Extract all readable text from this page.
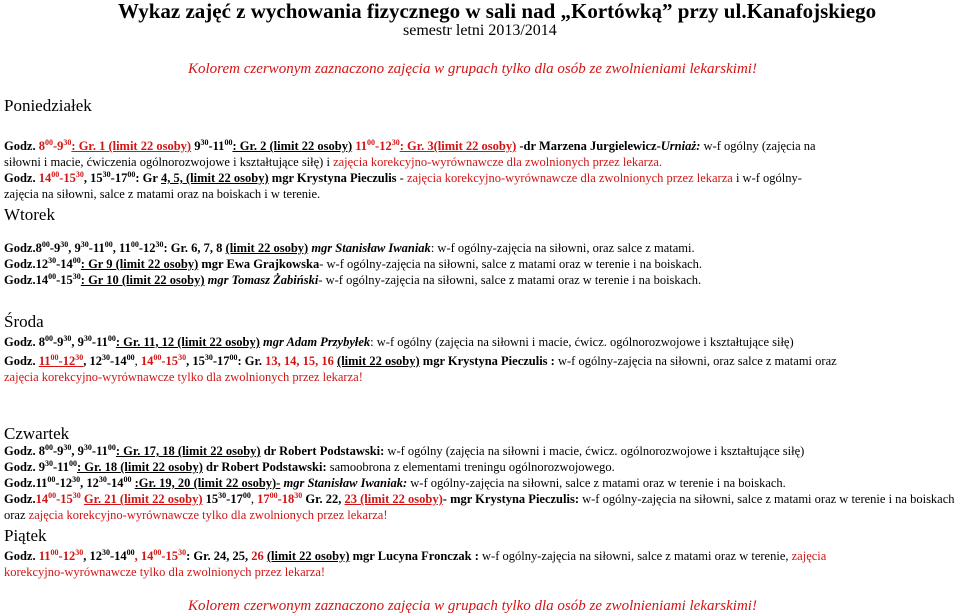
Wykaz zajęć z wychowania fizycznego w sali nad „Kortówką” przy ul.Kanafojskiego
semestr letni 2013/2014
Kolorem czerwonym zaznaczono zajęcia w grupach tylko dla osób ze zwolnieniami lekarskimi!
Poniedziałek
Godz. $8^{00}-9^{30}$: Gr. 1 (limit 22 osoby) $9^{30}-11^{00}$: Gr. 2 (limit 22 osoby) $11^{00}-12^{30}$: Gr. 3(limit 22 osoby) -dr Marzena Jurgielewicz-Urniaż: w-f ogólny (zajęcia na
siłowni i macie, ćwiczenia ogólnorozwojowe i kształtujące siłę) i zajęcia korekcyjno-wyrównawcze dla zwolnionych przez lekarza.
Godz. $14^{00}-15^{30}$, $15^{30}-17^{00}$: Gr 4, 5, (limit 22 osoby) mgr Krystyna Pieczulis - zajęcia korekcyjno-wyrównawcze dla zwolnionych przez lekarza i w-f ogólny-
zajęcia na siłowni, salce z matami oraz na boiskach i w terenie.
Wtorek
$Godz.8^{00}-9^{30}$, $9^{30}-11^{00}$, $11^{00}-12^{30}$: Gr. 6, 7, 8 (limit 22 osoby) mgr Stanisław Iwaniak: w-f ogólny-zajęcia na siłowni, oraz salce z matami.
$Godz.12^{30}-14^{00}$: Gr 9 (limit 22 osoby) mgr Ewa Grajkowska- w-f ogólny-zajęcia na siłowni, salce z matami oraz w terenie i na boiskach.
$Godz.14^{00}-15^{30}$: Gr 10 (limit 22 osoby) mgr Tomasz Żabiński- w-f ogólny-zajęcia na siłowni, salce z matami oraz w terenie i na boiskach.
Środa
Godz. $8^{00}-9^{30}$, $9^{30}-11^{00}$: Gr. 11, 12 (limit 22 osoby) mgr Adam Przybyłek: w-f ogólny (zajęcia na siłowni i macie, ćwicz. ogólnorozwojowe i kształtujące siłę)
Godz. $11^{00}-12^{30}$, $12^{30}-14^{00}$, $14^{00}-15^{30}$, $15^{30}-17^{00}$: Gr. 13, 14, 15, 16 (limit 22 osoby) mgr Krystyna Pieczulis : w-f ogólny-zajęcia na siłowni, oraz salce z matami oraz
zajęcia korekcyjno-wyrównawcze tylko dla zwolnionych przez lekarza!
Czwartek
Godz. $8^{00}-9^{30}$, $9^{30}-11^{00}$: Gr. 17, 18 (limit 22 osoby) dr Robert Podstawski: w-f ogólny (zajęcia na siłowni i macie, ćwicz. ogólnorozwojowe i kształtujące siłę)
Godz. $9^{30}-11^{00}$: Gr. 18 (limit 22 osoby) dr Robert Podstawski: samoobrona z elementami treningu ogólnorozwojowego.
$Godz.11^{00}-12^{30}$, $12^{30}-14^{00}$ :Gr. 19, 20 (limit 22 osoby)- mgr Stanisław Iwaniak: w-f ogólny-zajęcia na siłowni, salce z matami oraz w terenie i na boiskach.
$Godz.14^{00}-15^{30}$ Gr. 21 (limit 22 osoby) $15^{30}-17^{00}$, $17^{00}-18^{30}$ Gr. 22, 23 (limit 22 osoby)- mgr Krystyna Pieczulis: w-f ogólny-zajęcia na siłowni, salce z matami oraz w terenie i na boiskach
oraz zajęcia korekcyjno-wyrównawcze tylko dla zwolnionych przez lekarza!
Piątek
Godz. $11^{00}-12^{30}$, $12^{30}-14^{00}$, $14^{00}-15^{30}$: Gr. 24, 25, 26 (limit 22 osoby) mgr Lucyna Fronczak : w-f ogólny-zajęcia na siłowni, salce z matami oraz w terenie, zajęcia
korekcyjno-wyrównawcze tylko dla zwolnionych przez lekarza!
Kolorem czerwonym zaznaczono zajęcia w grupach tylko dla osób ze zwolnieniami lekarskimi!
